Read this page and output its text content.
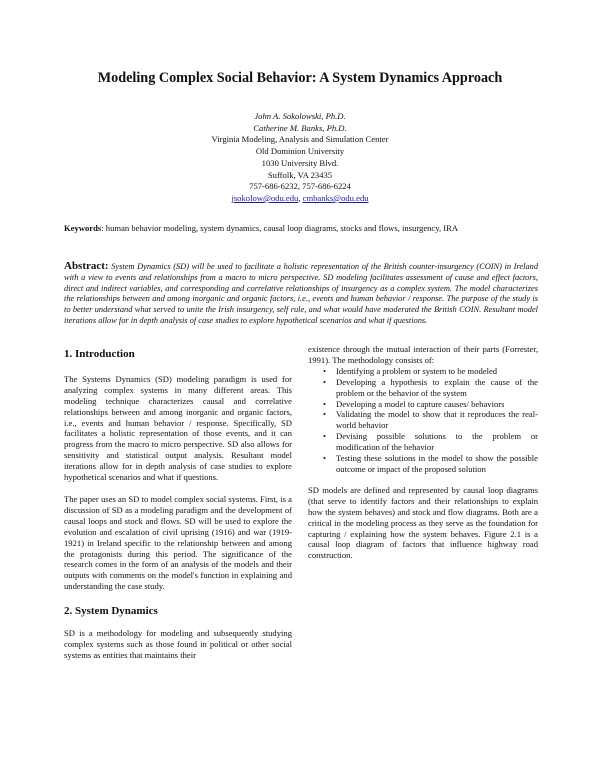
Modeling Complex Social Behavior: A System Dynamics Approach
John A. Sokolowski, Ph.D.
Catherine M. Banks, Ph.D.
Virginia Modeling, Analysis and Simulation Center
Old Dominion University
1030 University Blvd.
Suffolk, VA 23435
757-686-6232, 757-686-6224
jsokolow@odu.edu, cmbanks@odu.edu
Keywords: human behavior modeling, system dynamics, causal loop diagrams, stocks and flows, insurgency, IRA
Abstract: System Dynamics (SD) will be used to facilitate a holistic representation of the British counter-insurgency (COIN) in Ireland with a view to events and relationships from a macro to micro perspective. SD modeling facilitates assessment of cause and effect factors, direct and indirect variables, and corresponding and correlative relationships of insurgency as a complex system. The model characterizes the relationships between and among inorganic and organic factors, i.e., events and human behavior / response. The purpose of the study is to better understand what served to unite the Irish insurgency, self rule, and what would have moderated the British COIN. Resultant model iterations allow for in depth analysis of case studies to explore hypothetical scenarios and what if questions.
1. Introduction

The Systems Dynamics (SD) modeling paradigm is used for analyzing complex systems in many different areas. This modeling technique characterizes causal and correlative relationships between and among inorganic and organic factors, i.e., events and human behavior / response. Specifically, SD facilitates a holistic representation of those events, and it can progress from the macro to micro perspective. SD also allows for sensitivity and statistical output analysis. Resultant model iterations allow for in depth analysis of case studies to explore hypothetical scenarios and what if questions.

The paper uses an SD to model complex social systems. First, is a discussion of SD as a modeling paradigm and the development of causal loops and stock and flows. SD will be used to explore the evolution and escalation of civil uprising (1916) and war (1919-1921) in Ireland specific to the relationship between and among the protagonists during this period. The significance of the research comes in the form of an analysis of the models and their outputs with comments on the model's function in explaining and understanding the case study.

2. System Dynamics

SD is a methodology for modeling and subsequently studying complex systems such as those found in political or other social systems as entities that maintains their

existence through the mutual interaction of their parts (Forrester, 1991). The methodology consists of:

• Identifying a problem or system to be modeled
• Developing a hypothesis to explain the cause of the problem or the behavior of the system
• Developing a model to capture causes/ behaviors
• Validating the model to show that it reproduces the real-world behavior
• Devising possible solutions to the problem or modification of the behavior
• Testing these solutions in the model to show the possible outcome or impact of the proposed solution

SD models are defined and represented by causal loop diagrams (that serve to identify factors and their relationships to explain how the system behaves) and stock and flow diagrams. Both are a critical in the modeling process as they serve as the foundation for capturing / explaining how the system behaves. Figure 2.1 is a causal loop diagram of factors that influence highway road construction.
